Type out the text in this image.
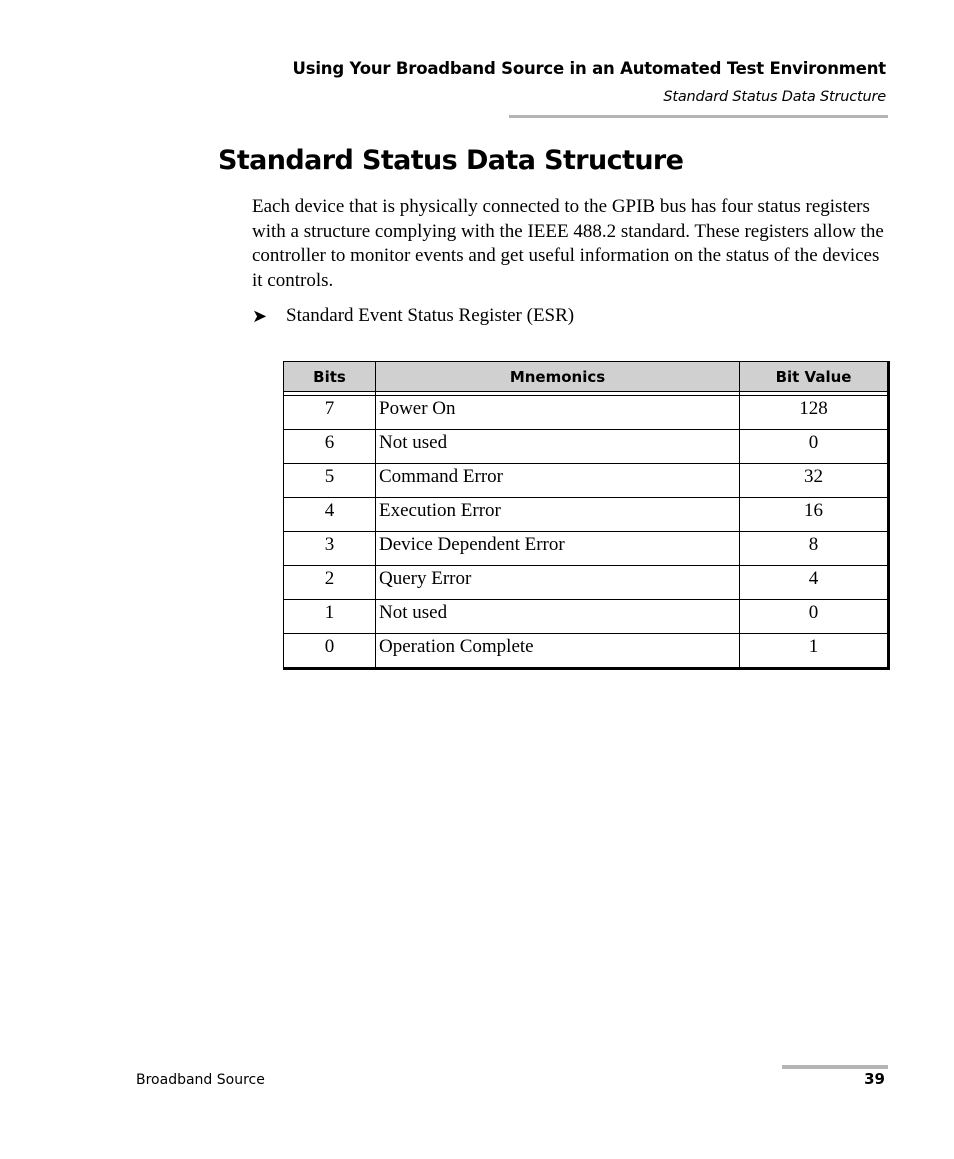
Using Your Broadband Source in an Automated Test Environment
Standard Status Data Structure
Standard Status Data Structure

Each device that is physically connected to the GPIB bus has four status registers with a structure complying with the IEEE 488.2 standard. These registers allow the controller to monitor events and get useful information on the status of the devices it controls.

➤ Standard Event Status Register (ESR)
Bits	Mnemonics	Bit Value

7	Power On	128
6	Not used	0
5	Command Error	32
4	Execution Error	16
3	Device Dependent Error	8
2	Query Error	4
1	Not used	0
0	Operation Complete	1
Broadband Source	39
